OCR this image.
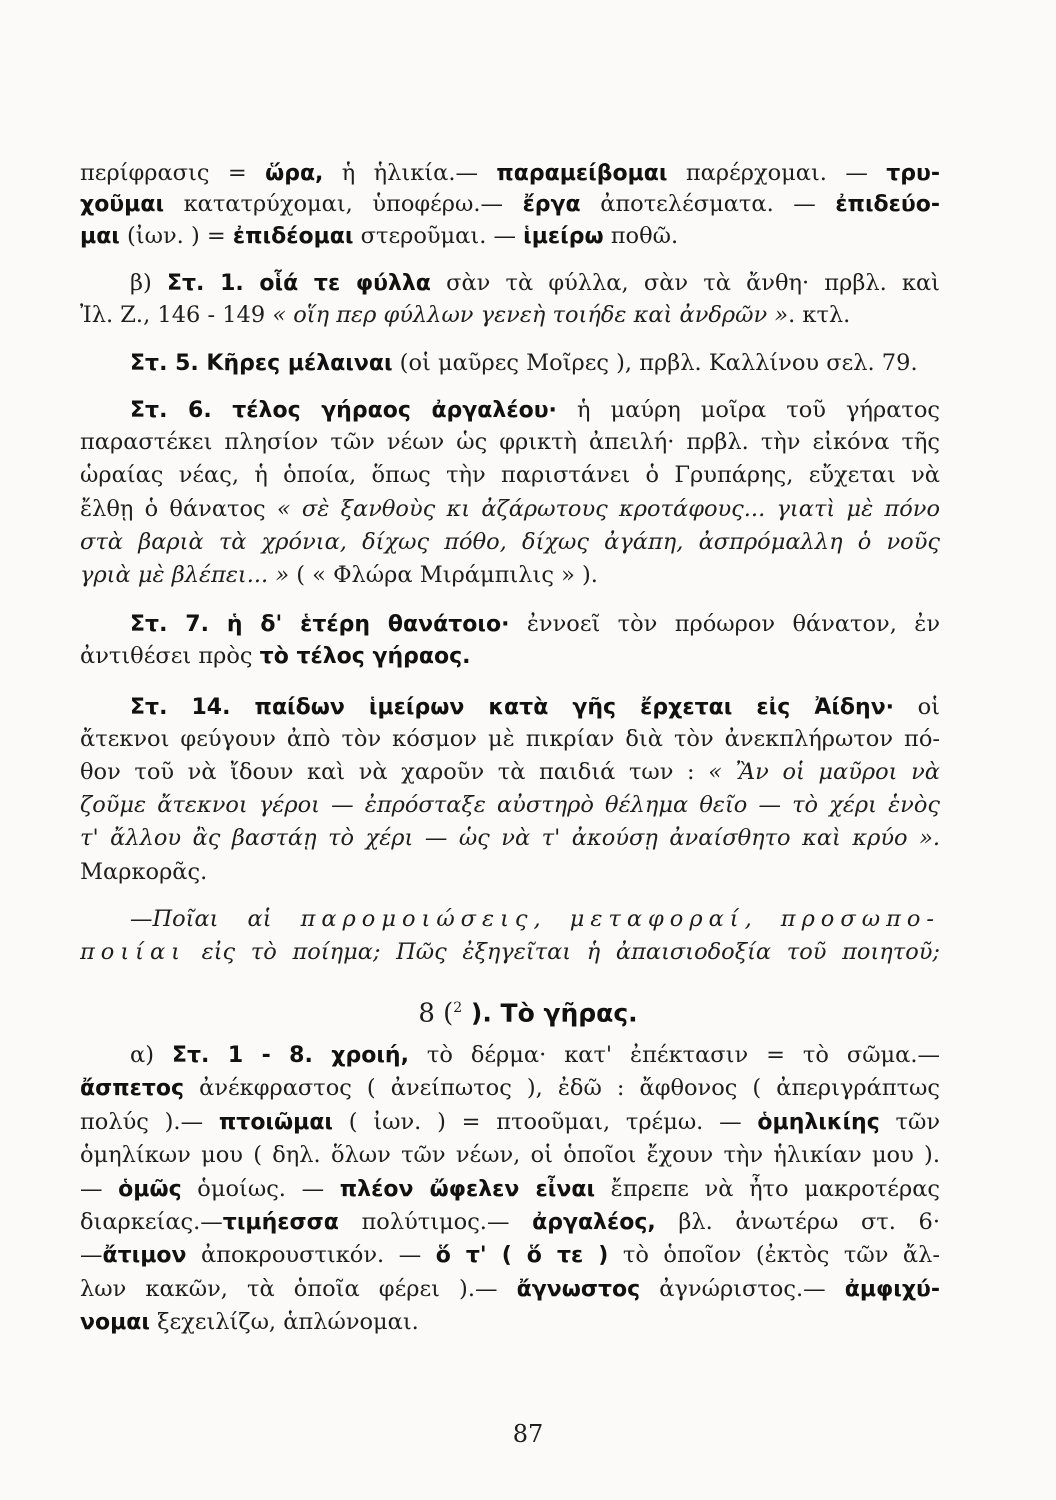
περίφρασις = ὥρα, ἡ ἡλικία.— παραμείβομαι παρέρχομαι. — τρυ-
χοῦμαι κατατρύχομαι, ὑποφέρω.— ἔργα ἀποτελέσματα. — ἐπιδεύο-
μαι (ἰων. ) = ἐπιδέομαι στεροῦμαι. — ἱμείρω ποθῶ.
β) Στ. 1. οἷά τε φύλλα σὰν τὰ φύλλα, σὰν τὰ ἄνθη· πρβλ. καὶ
Ἰλ. Ζ., 146 - 149 « οἵη περ φύλλων γενεὴ τοιήδε καὶ ἀνδρῶν ». κτλ.
Στ. 5. Κῆρες μέλαιναι (οἱ μαῦρες Μοῖρες ), πρβλ. Καλλίνου σελ. 79.
Στ. 6. τέλος γήραος ἀργαλέου· ἡ μαύρη μοῖρα τοῦ γήρατος
παραστέκει πλησίον τῶν νέων ὡς φρικτὴ ἀπειλή· πρβλ. τὴν εἰκόνα τῆς
ὡραίας νέας, ἡ ὁποία, ὅπως τὴν παριστάνει ὁ Γρυπάρης, εὔχεται νὰ
ἔλθῃ ὁ θάνατος « σὲ ξανθοὺς κι ἀζάρωτους κροτάφους... γιατὶ μὲ πόνο
στὰ βαριὰ τὰ χρόνια, δίχως πόθο, δίχως ἀγάπη, ἀσπρόμαλλη ὁ νοῦς
γριὰ μὲ βλέπει... » ( « Φλώρα Μιράμπιλις » ).
Στ. 7. ἡ δ' ἑτέρη θανάτοιο· ἐννοεῖ τὸν πρόωρον θάνατον, ἐν
ἀντιθέσει πρὸς τὸ τέλος γήραος.
Στ. 14. παίδων ἱμείρων κατὰ γῆς ἔρχεται εἰς Ἀίδην· οἱ
ἄτεκνοι φεύγουν ἀπὸ τὸν κόσμον μὲ πικρίαν διὰ τὸν ἀνεκπλήρωτον πό-
θον τοῦ νὰ ἴδουν καὶ νὰ χαροῦν τὰ παιδιά των : « Ἂν οἱ μαῦροι νὰ
ζοῦμε ἄτεκνοι γέροι — ἐπρόσταξε αὐστηρὸ θέλημα θεῖο — τὸ χέρι ἑνὸς
τ' ἄλλου ἂς βαστάῃ τὸ χέρι — ὡς νὰ τ' ἀκούσῃ ἀναίσθητο καὶ κρύο ».
Μαρκορᾶς.
—Ποῖαι αἱ παρομοιώσεις, μεταφοραί, προσωπο-
ποιίαι εἰς τὸ ποίημα; Πῶς ἐξηγεῖται ἡ ἀπαισιοδοξία τοῦ ποιητοῦ;
8 ($^2$ ). Τὸ γῆρας.
α) Στ. 1 - 8. χροιή, τὸ δέρμα· κατ' ἐπέκτασιν = τὸ σῶμα.—
ἄσπετος ἀνέκφραστος ( ἀνείπωτος ), ἐδῶ : ἄφθονος ( ἀπεριγράπτως
πολύς ).— πτοιῶμαι ( ἰων. ) = πτοοῦμαι, τρέμω. — ὁμηλικίης τῶν
ὁμηλίκων μου ( δηλ. ὅλων τῶν νέων, οἱ ὁποῖοι ἔχουν τὴν ἡλικίαν μου ).
— ὁμῶς ὁμοίως. — πλέον ὤφελεν εἶναι ἔπρεπε νὰ ἦτο μακροτέρας
διαρκείας.—τιμήεσσα πολύτιμος.— ἀργαλέος, βλ. ἀνωτέρω στ. 6·
—ἄτιμον ἀποκρουστικόν. — ὅ τ' ( ὅ τε ) τὸ ὁποῖον (ἐκτὸς τῶν ἄλ-
λων κακῶν, τὰ ὁποῖα φέρει ).— ἄγνωστος ἀγνώριστος.— ἀμφιχύ-
νομαι ξεχειλίζω, ἁπλώνομαι.
87
